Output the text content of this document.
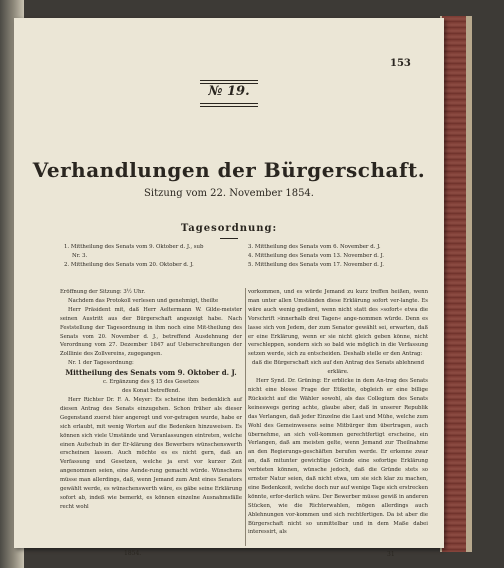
153
№ 19.
Verhandlungen der Bürgerschaft.
Sitzung vom 22. November 1854.
Tagesordnung:
1. Mittheilung des Senats vom 9. Oktober d. J., sub
Nr. 3.
2. Mittheilung des Senats vom 20. Oktober d. J.
3. Mittheilung des Senats vom 6. November d. J.
4. Mittheilung des Senats vom 13. November d. J.
5. Mittheilung des Senats vom 17. November d. J.

Eröffnung der Sitzung: 3½ Uhr.

Nachdem das Protokoll verlesen und genehmigt, theilte

Herr Präsident mit, daß Herr Aeltermann W. Gilde-meister seinen Austritt aus der Bürgerschaft angezeigt habe. Nach Feststellung der Tagesordnung in ihm noch eine Mit-theilung des Senats vom 20. November d. J., betreffend Ausdehnung der Verordnung vom 27. Dezember 1847 auf Ueberschreitungen der Zolllinie des Zollvereins, zugegangen.

Nr. 1 der Tagesordnung:

Mittheilung des Senats vom 9. Oktober d. J.

c. Ergänzung des § 15 des Gesetzes

des Konat betreffend.

Herr Richter Dr. F. A. Meyer: Es scheine ihm bedenklich auf diesen Antrag des Senats einzugehen. Schon früher als dieser Gegenstand zuerst hier angeregt und vor-getragen wurde, habe er sich erlaubt, mit wenig Worten auf die Bedenken hinzuweisen. Es können sich viele Umstände und Veranlassungen eintreten, welche einen Aufschub in der Er-klärung des Bewerbers wünschenswerth erscheinen lassen. Auch möchte es es nicht gern, daß an Verfassung und Gesetzen, welche ja erst vor kurzer Zeit angenommen seien, eine Aende-rung gemacht würde. Wünschens müsse man allerdings, daß, wenn Jemand zum Amt eines Senators gewählt werde, es wünschenswerth wäre, es gäbe seine Erklärung sofort ab, indeß wie bemerkt, es können einzelne Ausnahmsfälle recht wohl

vorkommen, und es würde Jemand zu kurz treffen heißen, wenn man unter allen Umständen diese Erklärung sofort ver-langte. Es wäre auch wenig gedient, wenn nicht statt des »sofort« etwa die Vorschrift »innerhalb drei Tagen« ange-nommen würde. Denn es lasse sich von Jedem, der zum Senator gewählt sei, erwarten, daß er eine Erklärung, wenn er sie nicht gleich geben könne, nicht verschleppen, sondern sich so bald wie möglich in die Verfassung setzen werde, sich zu entscheiden. Deshalb stelle er den Antrag:

daß die Bürgerschaft sich auf den Antrag des Senats ablehnend erkläre.

Herr Synd. Dr. Grüning: Er erblicke in dem An-trag des Senats nicht eine blosse Frage der Etikette, obgleich er eine billige Rücksicht auf die Wähler sowohl, als das Collegium des Senats keineswegs gering achte, glaube aber, daß in unserer Republik das Verlangen, daß jeder Einzelne die Last und Mühe, welche zum Wohl des Gemeinwesens seine Mitbürger ihm übertragen, auch übernehme, an sich voll-kommen gerechtfertigt erscheine, ein Verlangen, daß am meisten gelte, wenn Jemand zur Theilnahme an den Regierungs-geschäften berufen werde. Er erkenne zwar an, daß mitunter gewichtige Gründe eine sofortige Erklärung verbieten können, wünsche jedoch, daß die Gründe stets so ernster Natur seien, daß nicht etwa, um sie sich klar zu machen, eine Bedenkzeit, welche doch nur auf wenige Tage sich erstrecken könnte, erfor-derlich wäre. Der Bewerber müsse gewiß in anderen Stücken, wie die Richterwahlen, mögen allerdings auch Ablehnungen vor-kommen und sich rechtfertigen. Da ist aber die Bürgerschaft nicht so unmittelbar und in dem Maße dabei interessirt, als

1854.	31
